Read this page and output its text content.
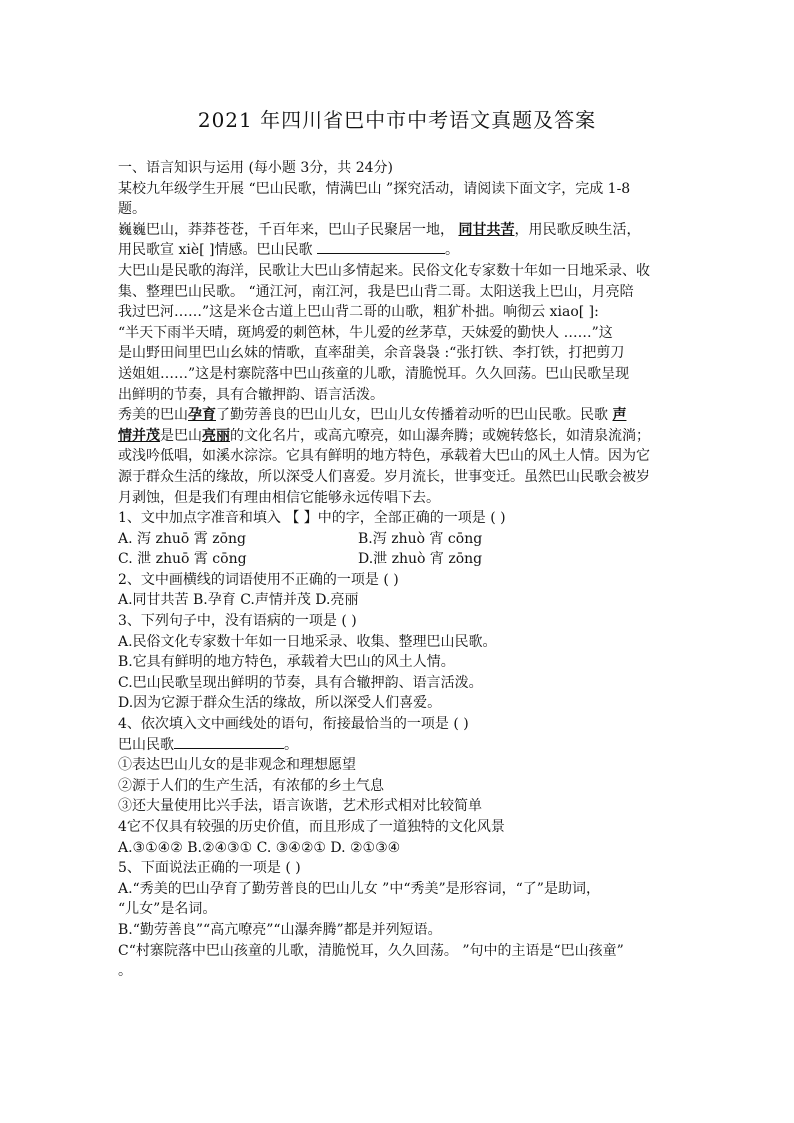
2021 年四川省巴中市中考语文真题及答案
一、语言知识与运用 (每小题 3分，共 24分)
某校九年级学生开展 “巴山民歌，情满巴山 ”探究活动，请阅读下面文字，完成 1-8
题。
巍巍巴山，莽莽苍苍，千百年来，巴山子民聚居一地， 同甘共苦，用民歌反映生活，
用民歌宣 xiè[ ]情感。巴山民歌	。
大巴山是民歌的海洋，民歌让大巴山多情起来。民俗文化专家数十年如一日地采录、收
集、整理巴山民歌。 “通江河，南江河，我是巴山背二哥。太阳送我上巴山，月亮陪
我过巴河……”这是米仓古道上巴山背二哥的山歌，粗犷朴拙。响彻云 xiao[ ]:
“半天下雨半天晴，斑鸠爱的刺笆林，牛儿爱的丝茅草，天妹爱的勤快人 ……”这
是山野田间里巴山幺妹的情歌，直率甜美，余音袅袅 :“张打铁、李打铁，打把剪刀
送姐姐……”这是村寨院落中巴山孩童的儿歌，清脆悦耳。久久回荡。巴山民歌呈现
出鲜明的节奏，具有合辙押韵、语言活泼。
秀美的巴山孕育了勤劳善良的巴山儿女，巴山儿女传播着动听的巴山民歌。民歌 声
情并茂是巴山亮丽的文化名片，或高亢嘹亮，如山瀑奔腾；或婉转悠长，如清泉流淌；
或浅吟低唱，如溪水淙淙。它具有鲜明的地方特色，承载着大巴山的风土人情。因为它
源于群众生活的缘故，所以深受人们喜爱。岁月流长，世事变迁。虽然巴山民歌会被岁
月剥蚀，但是我们有理由相信它能够永远传唱下去。
1、文中加点字准音和填入 【 】中的字，全部正确的一项是 ( )
A. 泻 zhuō 霄 zōng	B.泻 zhuò 宵 cōng
C. 泄 zhuō 霄 cōng	D.泄 zhuò 宵 zōng
2、文中画横线的词语使用不正确的一项是 ( )
A.同甘共苦 B.孕育 C.声情并茂 D.亮丽
3、下列句子中，没有语病的一项是 ( )
A.民俗文化专家数十年如一日地采录、收集、整理巴山民歌。
B.它具有鲜明的地方特色，承载着大巴山的风土人情。
C.巴山民歌呈现出鲜明的节奏，具有合辙押韵、语言活泼。
D.因为它源于群众生活的缘故，所以深受人们喜爱。
4、依次填入文中画线处的语句，衔接最恰当的一项是 ( )
巴山民歌	。
①表达巴山儿女的是非观念和理想愿望
②源于人们的生产生活，有浓郁的乡土气息
③还大量使用比兴手法，语言诙谐，艺术形式相对比较简单
4它不仅具有较强的历史价值，而且形成了一道独特的文化风景
A.③①④② B.②④③① C. ③④②① D. ②①③④
5、下面说法正确的一项是 ( )
A.“秀美的巴山孕育了勤劳普良的巴山儿女 ”中“秀美”是形容词，“了”是助词，
“儿女”是名词。
B.“勤劳善良”“高亢嘹亮”“山瀑奔腾”都是并列短语。
C“村寨院落中巴山孩童的儿歌，清脆悦耳，久久回荡。 ”句中的主语是“巴山孩童”
。
